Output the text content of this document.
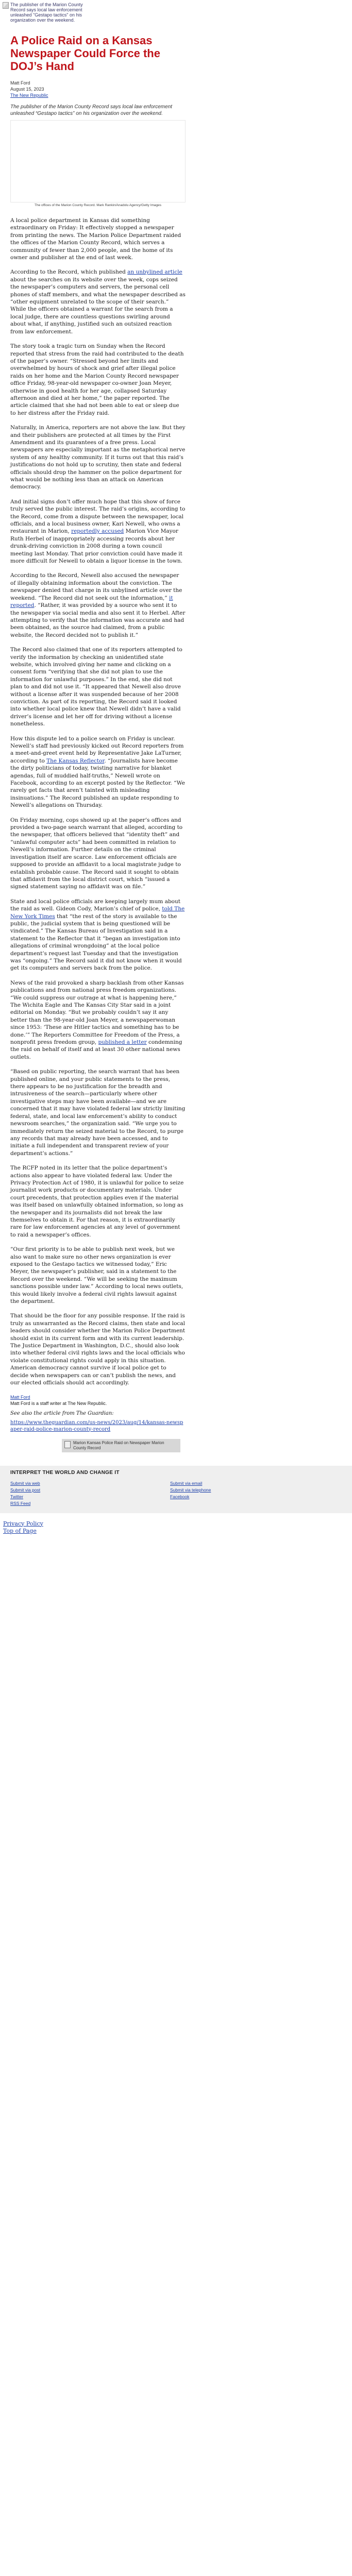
The publisher of the Marion County Record says local law enforcement unleashed "Gestapo tactics" on his organization over the weekend.
A Police Raid on a Kansas Newspaper Could Force the DOJ’s Hand
Matt Ford
August 15, 2023
The New Republic
The publisher of the Marion County Record says local law enforcement unleashed “Gestapo tactics” on his organization over the weekend.
The offices of the Marion County Record. Mark Rankin/Anadolu Agency/Getty Images

A local police department in Kansas did something extraordinary on Friday: It effectively stopped a newspaper from printing the news. The Marion Police Department raided the offices of the Marion County Record, which serves a community of fewer than 2,000 people, and the home of its owner and publisher at the end of last week.

According to the Record, which published an unbylined article about the searches on its website over the week, cops seized the newspaper’s computers and servers, the personal cell phones of staff members, and what the newspaper described as “other equipment unrelated to the scope of their search.” While the officers obtained a warrant for the search from a local judge, there are countless questions swirling around about what, if anything, justified such an outsized reaction from law enforcement.

The story took a tragic turn on Sunday when the Record reported that stress from the raid had contributed to the death of the paper’s owner. “Stressed beyond her limits and overwhelmed by hours of shock and grief after illegal police raids on her home and the Marion County Record newspaper office Friday, 98-year-old newspaper co-owner Joan Meyer, otherwise in good health for her age, collapsed Saturday afternoon and died at her home,” the paper reported. The article claimed that she had not been able to eat or sleep due to her distress after the Friday raid.

Naturally, in America, reporters are not above the law. But they and their publishers are protected at all times by the First Amendment and its guarantees of a free press. Local newspapers are especially important as the metaphorical nerve system of any healthy community. If it turns out that this raid’s justifications do not hold up to scrutiny, then state and federal officials should drop the hammer on the police department for what would be nothing less than an attack on American democracy.

And initial signs don’t offer much hope that this show of force truly served the public interest. The raid’s origins, according to the Record, come from a dispute between the newspaper, local officials, and a local business owner, Kari Newell, who owns a restaurant in Marion, reportedly accused Marion Vice Mayor Ruth Herbel of inappropriately accessing records about her drunk-driving conviction in 2008 during a town council meeting last Monday. That prior conviction could have made it more difficult for Newell to obtain a liquor license in the town.

According to the Record, Newell also accused the newspaper of illegally obtaining information about the conviction. The newspaper denied that charge in its unbylined article over the weekend. “The Record did not seek out the information,” it reported. “Rather, it was provided by a source who sent it to the newspaper via social media and also sent it to Herbel. After attempting to verify that the information was accurate and had been obtained, as the source had claimed, from a public website, the Record decided not to publish it.”

The Record also claimed that one of its reporters attempted to verify the information by checking an unidentified state website, which involved giving her name and clicking on a consent form “verifying that she did not plan to use the information for unlawful purposes.” In the end, she did not plan to and did not use it. “It appeared that Newell also drove without a license after it was suspended because of her 2008 conviction. As part of its reporting, the Record said it looked into whether local police knew that Newell didn’t have a valid driver’s license and let her off for driving without a license nonetheless.

How this dispute led to a police search on Friday is unclear. Newell’s staff had previously kicked out Record reporters from a meet-and-greet event held by Representative Jake LaTurner, according to The Kansas Reflector. “Journalists have become the dirty politicians of today, twisting narrative for blanket agendas, full of muddied half-truths,” Newell wrote on Facebook, according to an excerpt posted by the Reflector. “We rarely get facts that aren’t tainted with misleading insinuations.” The Record published an update responding to Newell’s allegations on Thursday.

On Friday morning, cops showed up at the paper’s offices and provided a two-page search warrant that alleged, according to the newspaper, that officers believed that “identity theft” and “unlawful computer acts” had been committed in relation to Newell’s information. Further details on the criminal investigation itself are scarce. Law enforcement officials are supposed to provide an affidavit to a local magistrate judge to establish probable cause. The Record said it sought to obtain that affidavit from the local district court, which “issued a signed statement saying no affidavit was on file.”

State and local police officials are keeping largely mum about the raid as well. Gideon Cody, Marion’s chief of police, told The New York Times that “the rest of the story is available to the public, the judicial system that is being questioned will be vindicated.” The Kansas Bureau of Investigation said in a statement to the Reflector that it “began an investigation into allegations of criminal wrongdoing” at the local police department’s request last Tuesday and that the investigation was “ongoing.” The Record said it did not know when it would get its computers and servers back from the police.

News of the raid provoked a sharp backlash from other Kansas publications and from national press freedom organizations. “We could suppress our outrage at what is happening here,” The Wichita Eagle and The Kansas City Star said in a joint editorial on Monday. “But we probably couldn’t say it any better than the 98-year-old Joan Meyer, a newspaperwoman since 1953: ‘These are Hitler tactics and something has to be done.’” The Reporters Committee for Freedom of the Press, a nonprofit press freedom group, published a letter condemning the raid on behalf of itself and at least 30 other national news outlets.

“Based on public reporting, the search warrant that has been published online, and your public statements to the press, there appears to be no justification for the breadth and intrusiveness of the search—particularly where other investigative steps may have been available—and we are concerned that it may have violated federal law strictly limiting federal, state, and local law enforcement’s ability to conduct newsroom searches,” the organization said. “We urge you to immediately return the seized material to the Record, to purge any records that may already have been accessed, and to initiate a full independent and transparent review of your department’s actions.”

The RCFP noted in its letter that the police department’s actions also appear to have violated federal law. Under the Privacy Protection Act of 1980, it is unlawful for police to seize journalist work products or documentary materials. Under court precedents, that protection applies even if the material was itself based on unlawfully obtained information, so long as the newspaper and its journalists did not break the law themselves to obtain it. For that reason, it is extraordinarily rare for law enforcement agencies at any level of government to raid a newspaper’s offices.

“Our first priority is to be able to publish next week, but we also want to make sure no other news organization is ever exposed to the Gestapo tactics we witnessed today,” Eric Meyer, the newspaper’s publisher, said in a statement to the Record over the weekend. “We will be seeking the maximum sanctions possible under law.” According to local news outlets, this would likely involve a federal civil rights lawsuit against the department.

That should be the floor for any possible response. If the raid is truly as unwarranted as the Record claims, then state and local leaders should consider whether the Marion Police Department should exist in its current form and with its current leadership. The Justice Department in Washington, D.C., should also look into whether federal civil rights laws and the local officials who violate constitutional rights could apply in this situation. American democracy cannot survive if local police get to decide when newspapers can or can’t publish the news, and our elected officials should act accordingly.

Matt Ford
Matt Ford is a staff writer at The New Republic.
See also the article from The Guardian:
https://www.theguardian.com/us-news/2023/aug/14/kansas-newspaper-raid-police-marion-county-record
Marion Kansas Police Raid on Newspaper Marion County Record
INTERPRET THE WORLD AND CHANGE IT
Submit via web	Submit via email
Submit via post	Submit via telephone
Twitter	Facebook
RSS Feed
Privacy Policy
Top of Page
